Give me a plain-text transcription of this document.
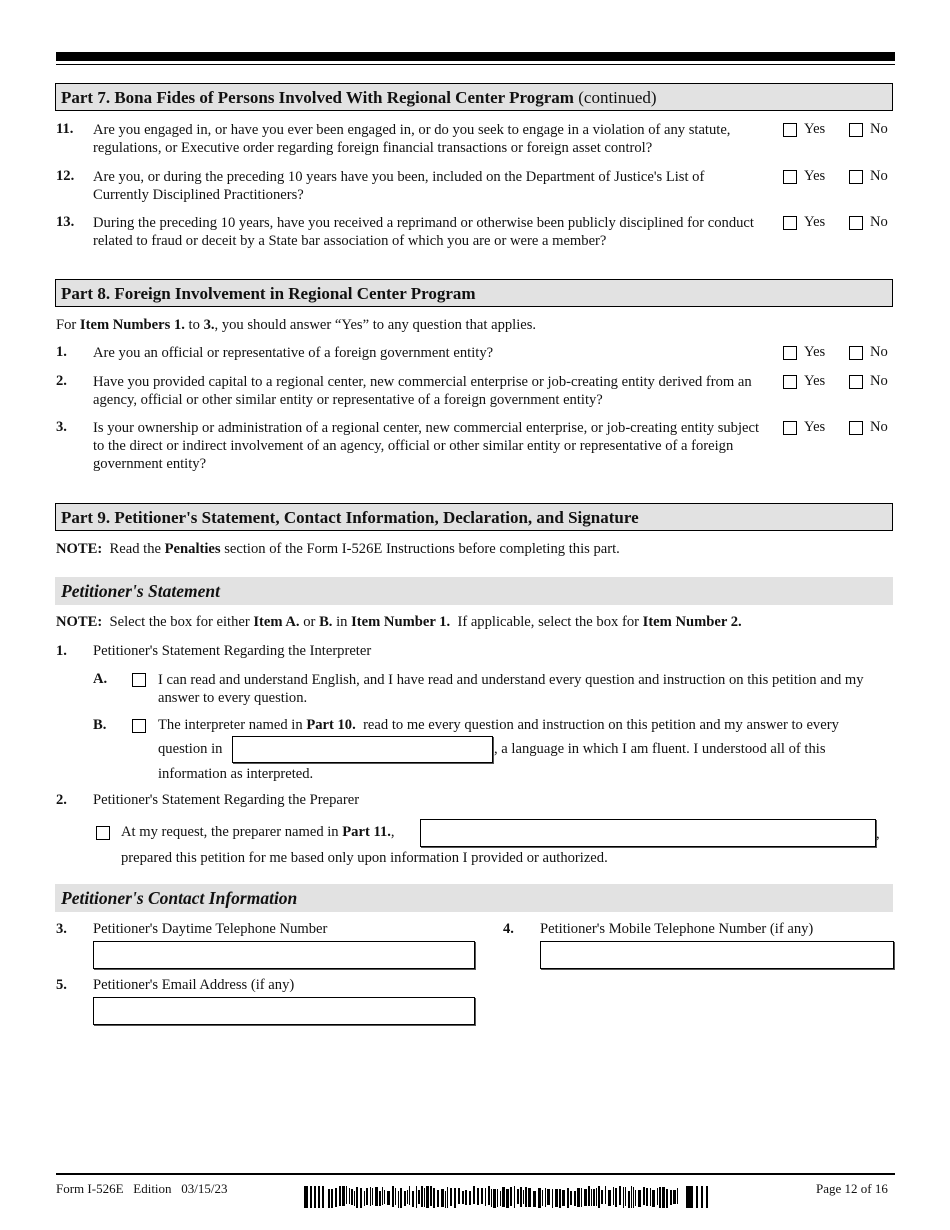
Part 7. Bona Fides of Persons Involved With Regional Center Program (continued)
11. Are you engaged in, or have you ever been engaged in, or do you seek to engage in a violation of any statute, regulations, or Executive order regarding foreign financial transactions or foreign asset control?
Yes	No
12. Are you, or during the preceding 10 years have you been, included on the Department of Justice's List of Currently Disciplined Practitioners?
Yes	No
13. During the preceding 10 years, have you received a reprimand or otherwise been publicly disciplined for conduct related to fraud or deceit by a State bar association of which you are or were a member?
Yes	No
Part 8. Foreign Involvement in Regional Center Program
For Item Numbers 1. to 3., you should answer “Yes” to any question that applies.
1. Are you an official or representative of a foreign government entity?	Yes	No
2. Have you provided capital to a regional center, new commercial enterprise or job-creating entity derived from an agency, official or other similar entity or representative of a foreign government entity?
Yes	No
3. Is your ownership or administration of a regional center, new commercial enterprise, or job-creating entity subject to the direct or indirect involvement of an agency, official or other similar entity or representative of a foreign government entity?
Yes	No
Part 9. Petitioner's Statement, Contact Information, Declaration, and Signature
NOTE:  Read the Penalties section of the Form I-526E Instructions before completing this part.
Petitioner's Statement
NOTE:  Select the box for either Item A. or B. in Item Number 1.  If applicable, select the box for Item Number 2.
1. Petitioner's Statement Regarding the Interpreter
A.	I can read and understand English, and I have read and understand every question and instruction on this petition and my answer to every question.
B.	The interpreter named in Part 10.  read to me every question and instruction on this petition and my answer to every
question in	, a language in which I am fluent. I understood all of this
information as interpreted.
2. Petitioner's Statement Regarding the Preparer
At my request, the preparer named in Part 11.,	,
prepared this petition for me based only upon information I provided or authorized.
Petitioner's Contact Information
3. Petitioner's Daytime Telephone Number	4. Petitioner's Mobile Telephone Number (if any)
5. Petitioner's Email Address (if any)
Form I-526E   Edition   03/15/23	Page 12 of 16
